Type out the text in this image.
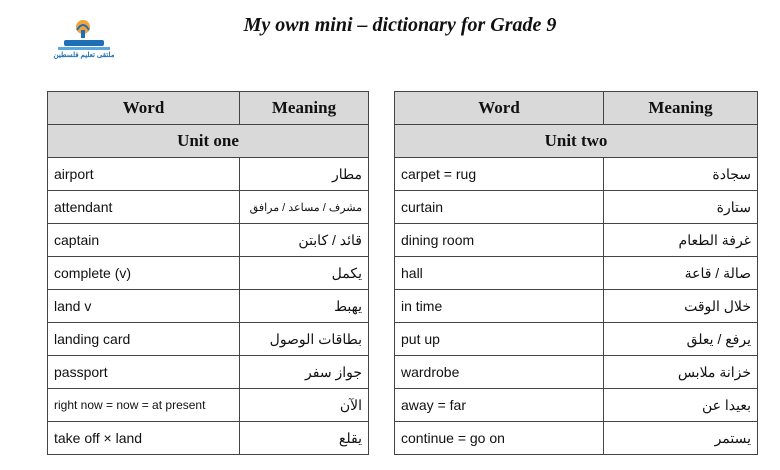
ملتقى تعليم فلسطين
My own mini – dictionary for Grade 9
Word	Meaning
Unit one	
airport	مطار
attendant	مشرف / مساعد / مرافق
captain	قائد / كابتن
complete (v)	يكمل
land v	يهبط
landing card	بطاقات الوصول
passport	جواز سفر
right now = now = at present	الآن
take off × land	يقلع
Word	Meaning
Unit two	
carpet = rug	سجادة
curtain	ستارة
dining room	غرفة الطعام
hall	صالة / قاعة
in time	خلال الوقت
put up	يرفع / يعلق
wardrobe	خزانة ملابس
away = far	بعيدا عن
continue = go on	يستمر
